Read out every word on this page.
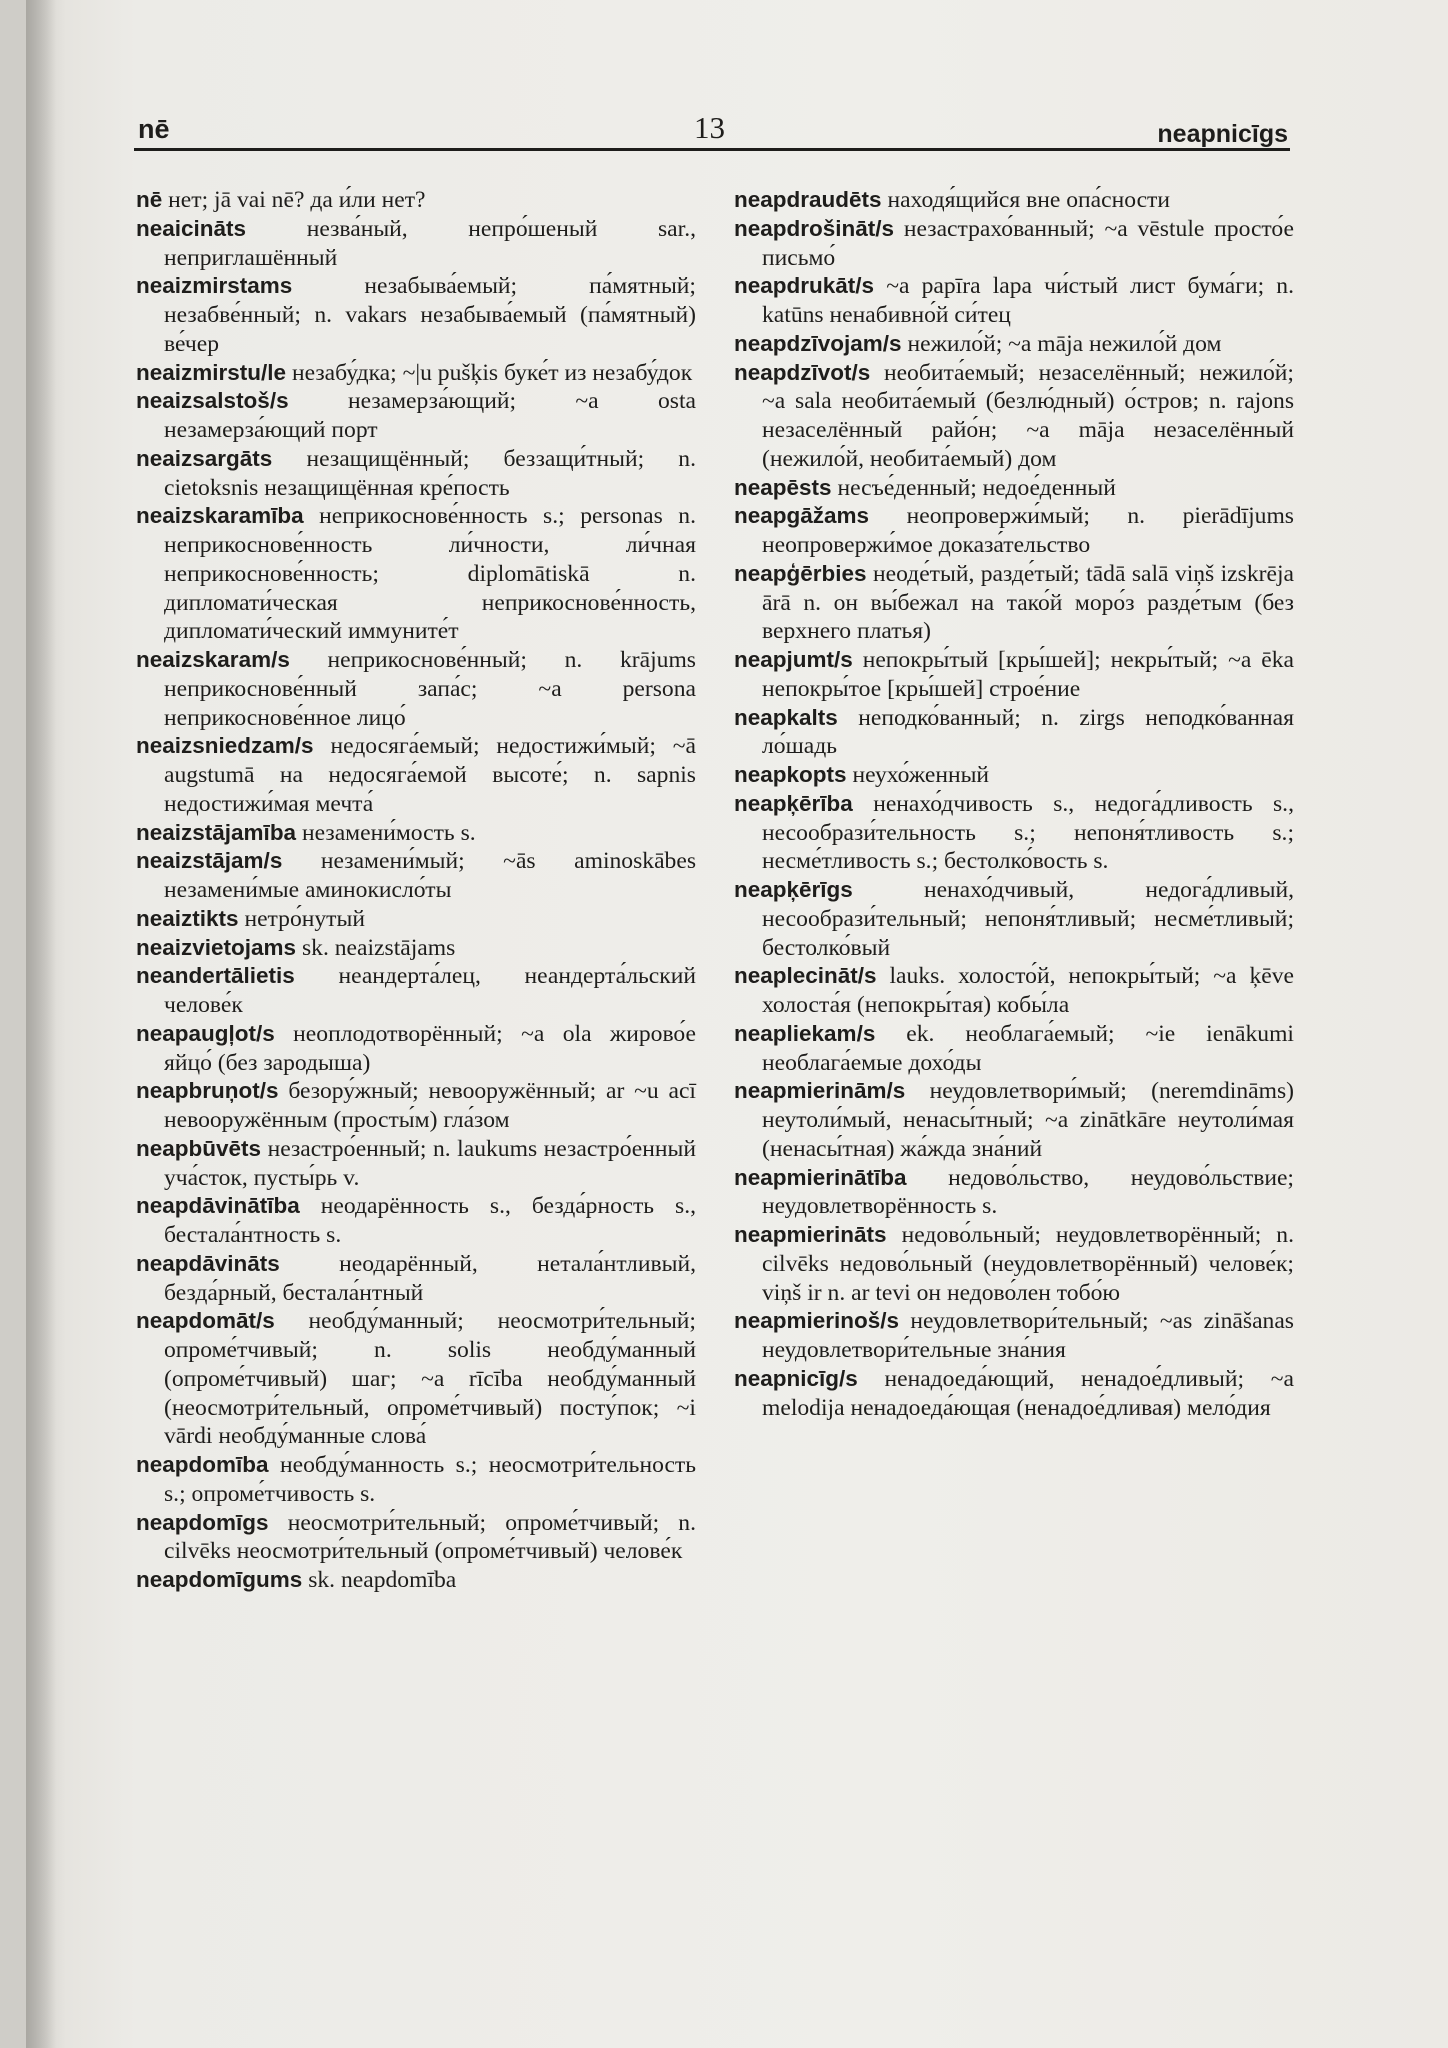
nē	13	neapnicīgs

nē нет; jā vai nē? да и́ли нет?

neaicināts	незва́ный, непро́шеный sar., неприглашённый

neaizmirstams	незабыва́емый; па́мятный; незабве́нный; n. vakars незабыва́емый (па́мятный) ве́чер

neaizmirstu/le незабу́дка; ~|u pušķis буке́т из незабу́док

neaizsalstoš/s	незамерза́ющий; ~a osta незамерза́ющий порт

neaizsargāts незащищённый; беззащи́тный; n. cietoksnis незащищённая кре́пость

neaizskaramība неприкоснове́нность s.; personas n. неприкоснове́нность ли́чности, ли́чная неприкоснове́нность; diplomātiskā n. дипломати́ческая неприкоснове́нность, дипломати́ческий иммуните́т

neaizskaram/s неприкоснове́нный; n. krājums неприкоснове́нный запа́с; ~a persona неприкоснове́нное лицо́

neaizsniedzam/s недосяга́емый; недостижи́мый; ~ā augstumā на недосяга́емой высоте́; n. sapnis недостижи́мая мечта́

neaizstājamība незамени́мость s.

neaizstājam/s незамени́мый; ~ās aminoskābes незамени́мые аминокисло́ты

neaiztikts нетро́нутый

neaizvietojams sk. neaizstājams

neandertālietis неандерта́лец, неандерта́льский челове́к

neapaugļot/s неоплодотворённый; ~a ola жирово́е яйцо́ (без зародыша)

neapbruņot/s безору́жный; невооружённый; ar ~u acī невооружённым (просты́м) гла́зом

neapbūvēts незастро́енный; n. laukums незастро́енный уча́сток, пусты́рь v.

neapdāvinātība неодарённость s., безда́рность s., бестала́нтность s.

neapdāvināts	неодарённый, нетала́нтливый, безда́рный, бестала́нтный

neapdomāt/s необду́манный; неосмотри́тельный; опроме́тчивый; n. solis необду́манный (опроме́тчивый) шаг; ~a rīcība необду́манный (неосмотри́тельный, опроме́тчивый) посту́пок; ~i vārdi необду́манные слова́

neapdomība необду́манность s.; неосмотри́тельность s.; опроме́тчивость s.

neapdomīgs неосмотри́тельный; опроме́тчивый; n. cilvēks неосмотри́тельный (опроме́тчивый) челове́к

neapdomīgums sk. neapdomība

neapdraudēts находя́щийся вне опа́сности

neapdrošināt/s незастрахо́ванный; ~a vēstule просто́е письмо́

neapdrukāt/s ~a papīra lapa чи́стый лист бума́ги; n. katūns ненабивно́й си́тец

neapdzīvojam/s нежило́й; ~a māja нежило́й дом

neapdzīvot/s необита́емый; незаселённый; нежило́й; ~a sala необита́емый (безлю́дный) о́стров; n. rajons незаселённый райо́н; ~a māja незаселённый (нежило́й, необита́емый) дом

neapēsts несъе́денный; недое́денный

neapgāžams неопровержи́мый; n. pierādījums неопровержи́мое доказа́тельство

neapģērbies неоде́тый, разде́тый; tādā salā viņš izskrēja ārā n. он вы́бежал на тако́й моро́з разде́тым (без верхнего платья)

neapjumt/s непокры́тый [кры́шей]; некры́тый; ~a ēka непокры́тое [кры́шей] строе́ние

neapkalts неподко́ванный; n. zirgs неподко́ванная ло́шадь

neapkopts неухо́женный

neapķērība ненахо́дчивость s., недога́дливость s., несообрази́тельность s.; непоня́тливость s.; несме́тливость s.; бестолко́вость s.

neapķērīgs	ненахо́дчивый, недога́дливый, несообрази́тельный; непоня́тливый; несме́тливый; бестолко́вый

neaplecināt/s lauks. холосто́й, непокры́тый; ~a ķēve холоста́я (непокры́тая) кобы́ла

neapliekam/s ek. необлага́емый; ~ie ienākumi необлага́емые дохо́ды

neapmierinām/s неудовлетвори́мый; (neremdināms) неутоли́мый, ненасы́тный; ~a zinātkāre неутоли́мая (ненасы́тная) жа́жда зна́ний

neapmierinātība недово́льство, неудово́льствие; неудовлетворённость s.

neapmierināts недово́льный; неудовлетворённый; n. cilvēks недово́льный (неудовлетворённый) челове́к; viņš ir n. ar tevi он недово́лен тобо́ю

neapmierinoš/s неудовлетвори́тельный; ~as zināšanas неудовлетвори́тельные зна́ния

neapnicīg/s ненадоеда́ющий, ненадое́дливый; ~a melodija ненадоеда́ющая (ненадое́дливая) мело́дия
